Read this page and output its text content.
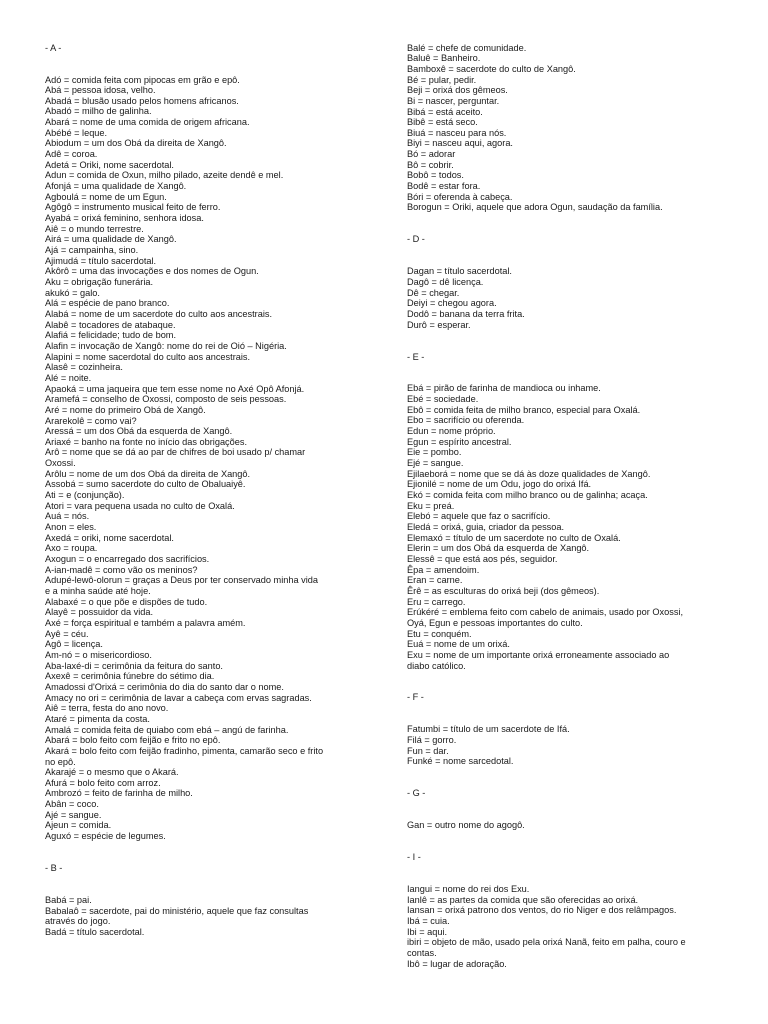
- A -
Adó = comida feita com pipocas em grão e epô.
Abá = pessoa idosa, velho.
Abadá = blusão usado pelos homens africanos.
Abadó = milho de galinha.
Abará = nome de uma comida de origem africana.
Abébé = leque.
Abiodum = um dos Obá da direita de Xangô.
Adê = coroa.
Adetá = Oriki, nome sacerdotal.
Adun = comida de Oxun, milho pilado, azeite dendê e mel.
Afonjá = uma qualidade de Xangô.
Agboulá = nome de um Egun.
Agôgô = instrumento musical feito de ferro.
Ayabá = orixá feminino, senhora idosa.
Aiê = o mundo terrestre.
Airá = uma qualidade de Xangô.
Ajá = campainha, sino.
Ajimudá = título sacerdotal.
Akôrô = uma das invocações e dos nomes de Ogun.
Aku = obrigação funerária.
akukó = galo.
Alá = espécie de pano branco.
Alabá = nome de um sacerdote do culto aos ancestrais.
Alabê = tocadores de atabaque.
Alafiá = felicidade; tudo de bom.
Alafin = invocação de Xangô: nome do rei de Oió – Nigéria.
Alapini = nome sacerdotal do culto aos ancestrais.
Alasê = cozinheira.
Alé = noite.
Apaoká = uma jaqueira que tem esse nome no Axé Opô Afonjá.
Aramefá = conselho de Oxossi, composto de seis pessoas.
Aré = nome do primeiro Obá de Xangô.
Ararekolê = como vai?
Aressá = um dos Obá da esquerda de Xangô.
Ariaxé = banho na fonte no início das obrigações.
Arô = nome que se dá ao par de chifres de boi usado p/ chamar
Oxossi.
Arôlu = nome de um dos Obá da direita de Xangô.
Assobá = sumo sacerdote do culto de Obaluaiyê.
Ati = e (conjunção).
Atori = vara pequena usada no culto de Oxalá.
Auá = nós.
Anon = eles.
Axedá = oriki, nome sacerdotal.
Axo = roupa.
Axogun = o encarregado dos sacrifícios.
A-ian-madê = como vão os meninos?
Adupé-lewô-olorun = graças a Deus por ter conservado minha vida
e a minha saúde até hoje.
Alabaxé = o que põe e dispões de tudo.
Alayê = possuidor da vida.
Axé = força espiritual e também a palavra amém.
Ayê = céu.
Agô = licença.
Am-nó = o misericordioso.
Aba-laxé-di = cerimônia da feitura do santo.
Axexê = cerimônia fúnebre do sétimo dia.
Amadossi d'Orixá = cerimônia do dia do santo dar o nome.
Amacy no ori = cerimônia de lavar a cabeça com ervas sagradas.
Aiê = terra, festa do ano novo.
Ataré = pimenta da costa.
Amalá = comida feita de quiabo com ebá – angú de farinha.
Abará = bolo feito com feijão e frito no epô.
Akará = bolo feito com feijão fradinho, pimenta, camarão seco e frito
no epô.
Akarajé = o mesmo que o Akará.
Afurá = bolo feito com arroz.
Ambrozó = feito de farinha de milho.
Abân = coco.
Ajé = sangue.
Ajeun = comida.
Aguxó = espécie de legumes.
- B -
Babá = pai.
Babalaô = sacerdote, pai do ministério, aquele que faz consultas
através do jogo.
Badá = título sacerdotal.
Balé = chefe de comunidade.
Baluê = Banheiro.
Bamboxê = sacerdote do culto de Xangô.
Bé = pular, pedir.
Beji = orixá dos gêmeos.
Bi = nascer, perguntar.
Bibá = está aceito.
Bibê = está seco.
Biuá = nasceu para nós.
Biyi = nasceu aqui, agora.
Bó = adorar
Bô = cobrir.
Bobô = todos.
Bodê = estar fora.
Bóri = oferenda à cabeça.
Borogun = Oriki, aquele que adora Ogun, saudação da família.
- D -
Dagan = título sacerdotal.
Dagô = dê licença.
Dê = chegar.
Deiyi = chegou agora.
Dodô = banana da terra frita.
Durô = esperar.
- E -
Ebá = pirão de farinha de mandioca ou inhame.
Ebé = sociedade.
Ebô = comida feita de milho branco, especial para Oxalá.
Ebo = sacrifício ou oferenda.
Edun = nome próprio.
Egun = espírito ancestral.
Eie = pombo.
Ejé = sangue.
Ejilaeborá = nome que se dá às doze qualidades de Xangô.
Ejionilé = nome de um Odu, jogo do orixá Ifá.
Ekó = comida feita com milho branco ou de galinha; acaça.
Eku = preá.
Elebó = aquele que faz o sacrifício.
Eledá = orixá, guia, criador da pessoa.
Elemaxó = título de um sacerdote no culto de Oxalá.
Elerin = um dos Obá da esquerda de Xangô.
Elessê = que está aos pés, seguidor.
Êpa = amendoim.
Eran = carne.
Êrê = as esculturas do orixá beji (dos gêmeos).
Eru = carrego.
Erúkéré = emblema feito com cabelo de animais, usado por Oxossi,
Oyá, Egun e pessoas importantes do culto.
Etu = conquém.
Euá = nome de um orixá.
Exu = nome de um importante orixá erroneamente associado ao
diabo católico.
- F -
Fatumbi = título de um sacerdote de Ifá.
Filá = gorro.
Fun = dar.
Funké = nome sarcedotal.
- G -
Gan = outro nome do agogô.
- I -
Iangui = nome do rei dos Exu.
Ianlê = as partes da comida que são oferecidas ao orixá.
Iansan = orixá patrono dos ventos, do rio Niger e dos relâmpagos.
Ibá = cuia.
Ibi = aqui.
ibiri = objeto de mão, usado pela orixá Nanã, feito em palha, couro e
contas.
Ibô = lugar de adoração.
